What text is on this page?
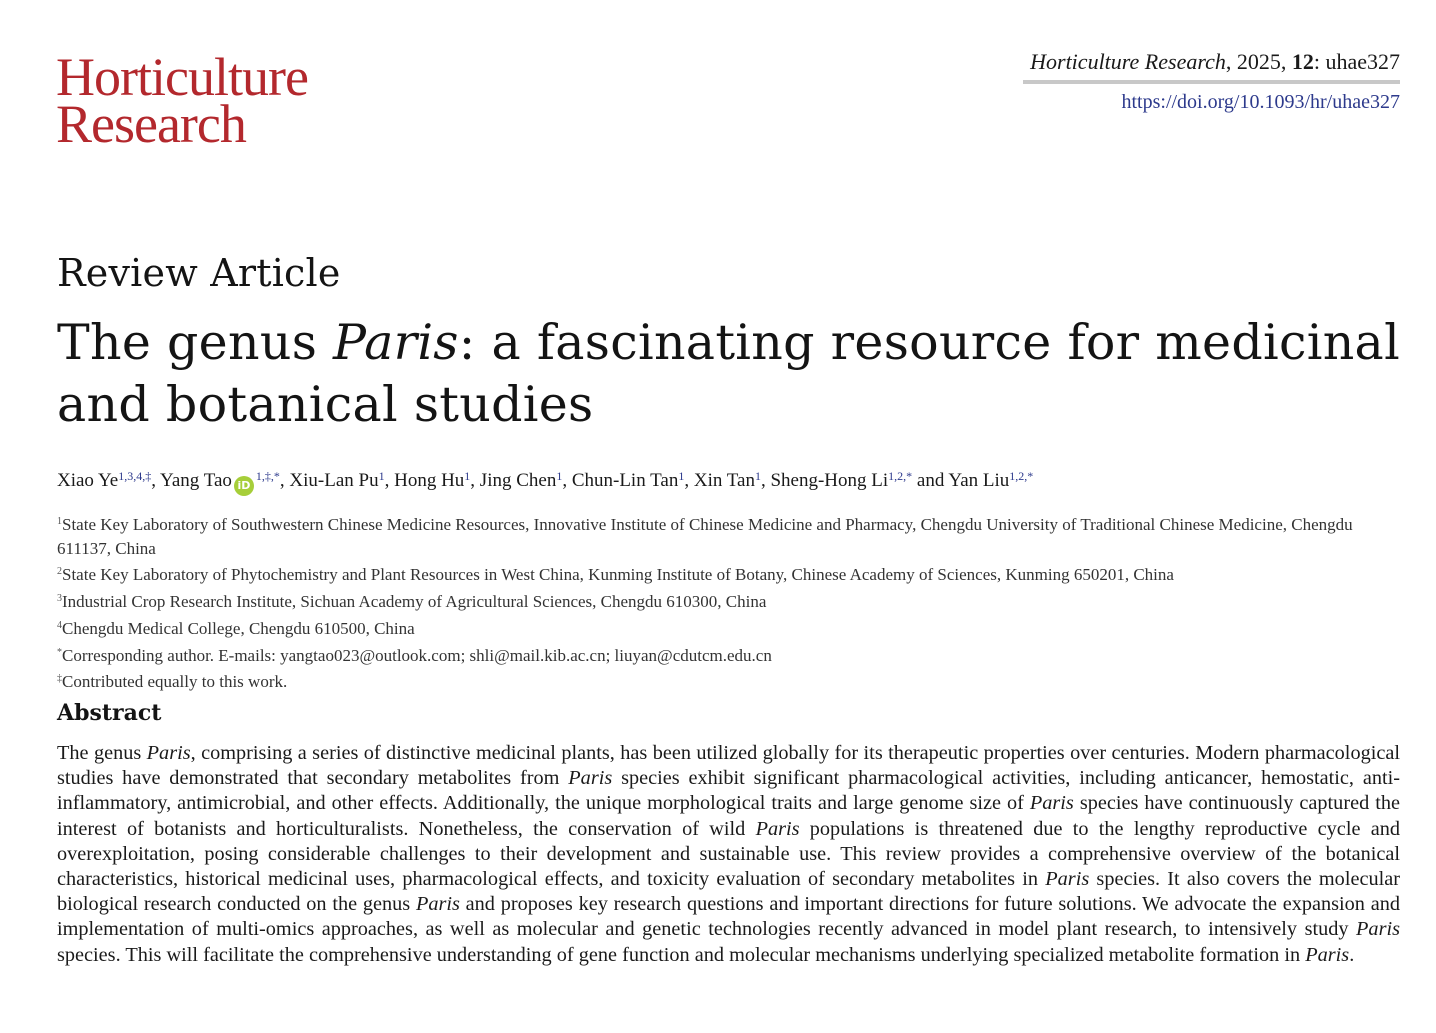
Horticulture
Research
Horticulture Research, 2025, 12: uhae327
https://doi.org/10.1093/hr/uhae327
Review Article
The genus Paris: a fascinating resource for medicinal
and botanical studies
Xiao $Ye^{1,3,4,\ddagger}$, Yang Tao $iD^{1,\ddagger,*}$, Xiu-Lan Pu$^1$, Hong Hu$^1$, Jing Chen$^1$, Chun-Lin Tan$^1$, Xin Tan$^1$, Sheng-Hong $Li^{1,2,*}$ and Yan Liu$^{1,2,*}$
$^1$State Key Laboratory of Southwestern Chinese Medicine Resources, Innovative Institute of Chinese Medicine and Pharmacy, Chengdu University of Traditional Chinese Medicine, Chengdu 611137, China
$^2$State Key Laboratory of Phytochemistry and Plant Resources in West China, Kunming Institute of Botany, Chinese Academy of Sciences, Kunming 650201, China
$^3$Industrial Crop Research Institute, Sichuan Academy of Agricultural Sciences, Chengdu 610300, China
$^4$Chengdu Medical College, Chengdu 610500, China
*Corresponding author. E-mails: yangtao023@outlook.com; shli@mail.kib.ac.cn; liuyan@cdutcm.edu.cn
‡Contributed equally to this work.
Abstract

The genus Paris, comprising a series of distinctive medicinal plants, has been utilized globally for its therapeutic properties over centuries. Modern pharmacological studies have demonstrated that secondary metabolites from Paris species exhibit significant pharmacological activities, including anticancer, hemostatic, anti-inflammatory, antimicrobial, and other effects. Additionally, the unique morphological traits and large genome size of Paris species have continuously captured the interest of botanists and horticulturalists. Nonetheless, the conservation of wild Paris populations is threatened due to the lengthy reproductive cycle and overexploitation, posing considerable challenges to their development and sustainable use. This review provides a comprehensive overview of the botanical characteristics, historical medicinal uses, pharmacological effects, and toxicity evaluation of secondary metabolites in Paris species. It also covers the molecular biological research conducted on the genus Paris and proposes key research questions and important directions for future solutions. We advocate the expansion and implementation of multi-omics approaches, as well as molecular and genetic technologies recently advanced in model plant research, to intensively study Paris species. This will facilitate the comprehensive understanding of gene function and molecular mechanisms underlying specialized metabolite formation in Paris.
